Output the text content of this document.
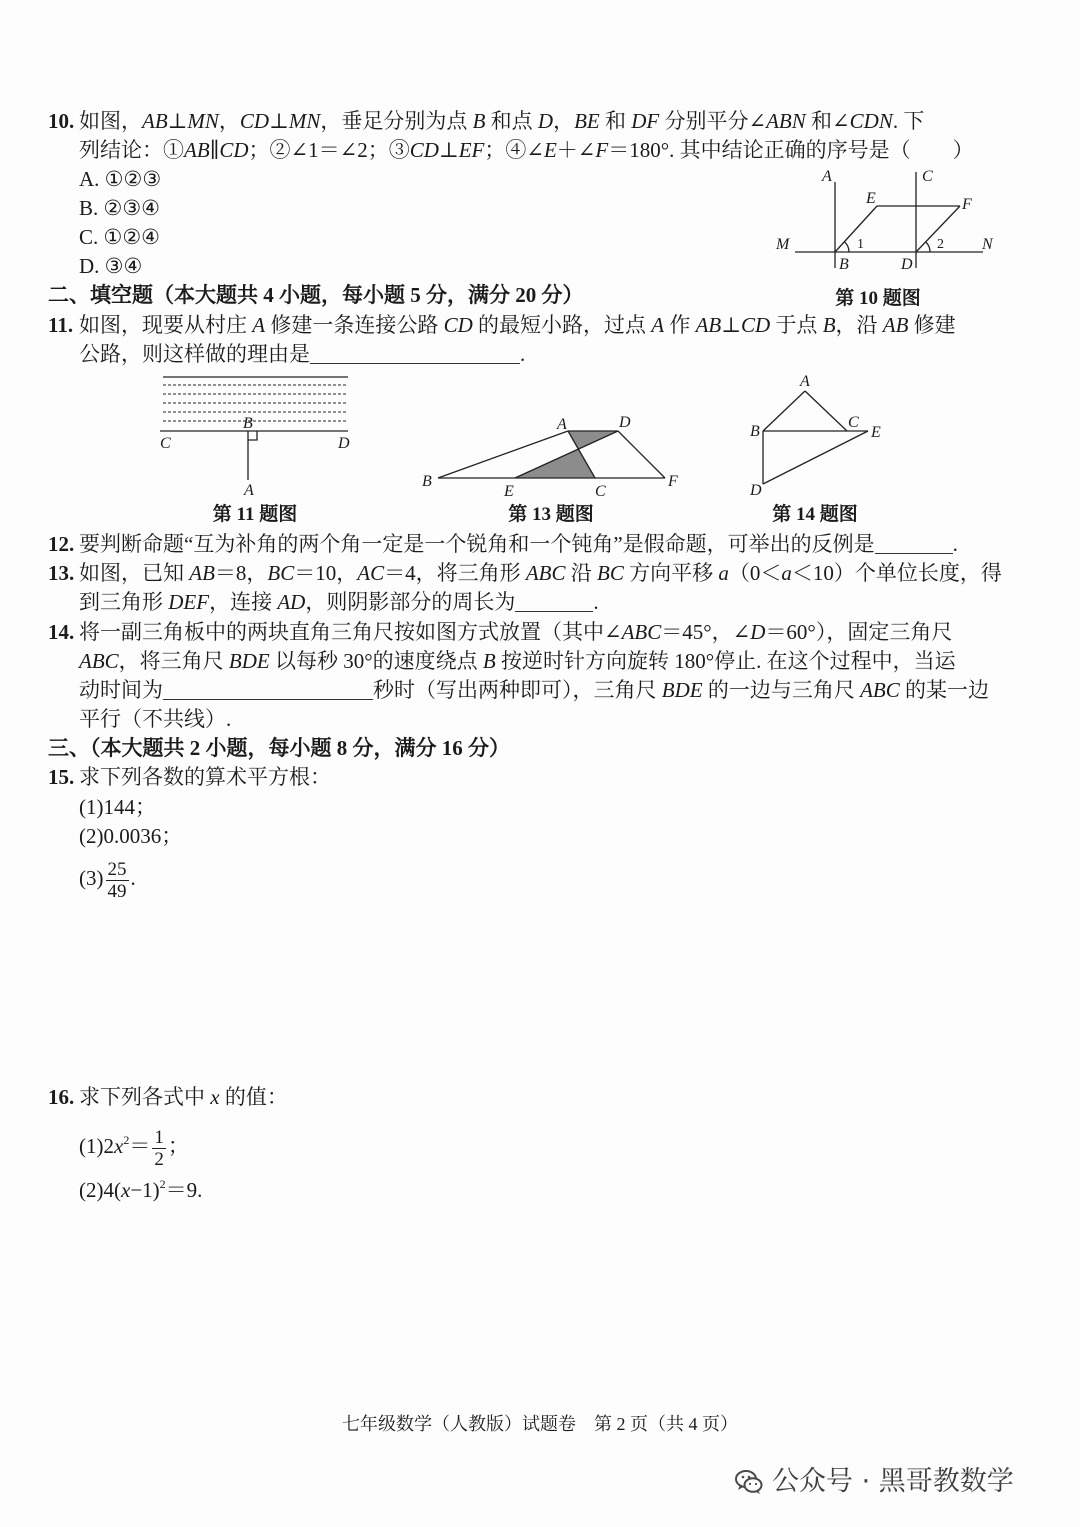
10. 如图，AB⊥MN，CD⊥MN，垂足分别为点 B 和点 D，BE 和 DF 分别平分∠ABN 和∠CDN. 下
列结论：①AB∥CD；②∠1＝∠2；③CD⊥EF；④∠E＋∠F＝180°. 其中结论正确的序号是（　　）
A. ①②③
B. ②③④
C. ①②④
D. ③④
A	C
E	F
M	N
B	D
1	2
第 10 题图
二、填空题（本大题共 4 小题，每小题 5 分，满分 20 分）
11. 如图，现要从村庄 A 修建一条连接公路 CD 的最短小路，过点 A 作 AB⊥CD 于点 B，沿 AB 修建
公路，则这样做的理由是	.
B
C	D
A
第 11 题图
A	D
B
E	C
F
第 13 题图
A
B
C
E
D
第 14 题图
12. 要判断命题“互为补角的两个角一定是一个锐角和一个钝角”是假命题，可举出的反例是	.
13. 如图，已知 AB＝8，BC＝10，AC＝4，将三角形 ABC 沿 BC 方向平移 a（0＜a＜10）个单位长度，得
到三角形 DEF，连接 AD，则阴影部分的周长为	.
14. 将一副三角板中的两块直角三角尺按如图方式放置（其中∠ABC＝45°，∠D＝60°），固定三角尺
ABC，将三角尺 BDE 以每秒 30°的速度绕点 B 按逆时针方向旋转 180°停止. 在这个过程中，当运
动时间为	秒时（写出两种即可），三角尺 BDE 的一边与三角尺 ABC 的某一边
平行（不共线）.
三、（本大题共 2 小题，每小题 8 分，满分 16 分）
15. 求下列各数的算术平方根：
(1)144；
(2)0.0036；
$(3) \frac{25}{49}$ .
16. 求下列各式中 x 的值：
$(1)2x^2= \frac{1}{2}$ ；
$(2)4(x-1)^2=9$.
七年级数学（人教版）试题卷　第 2 页（共 4 页）
公众号 · 黑哥教数学
